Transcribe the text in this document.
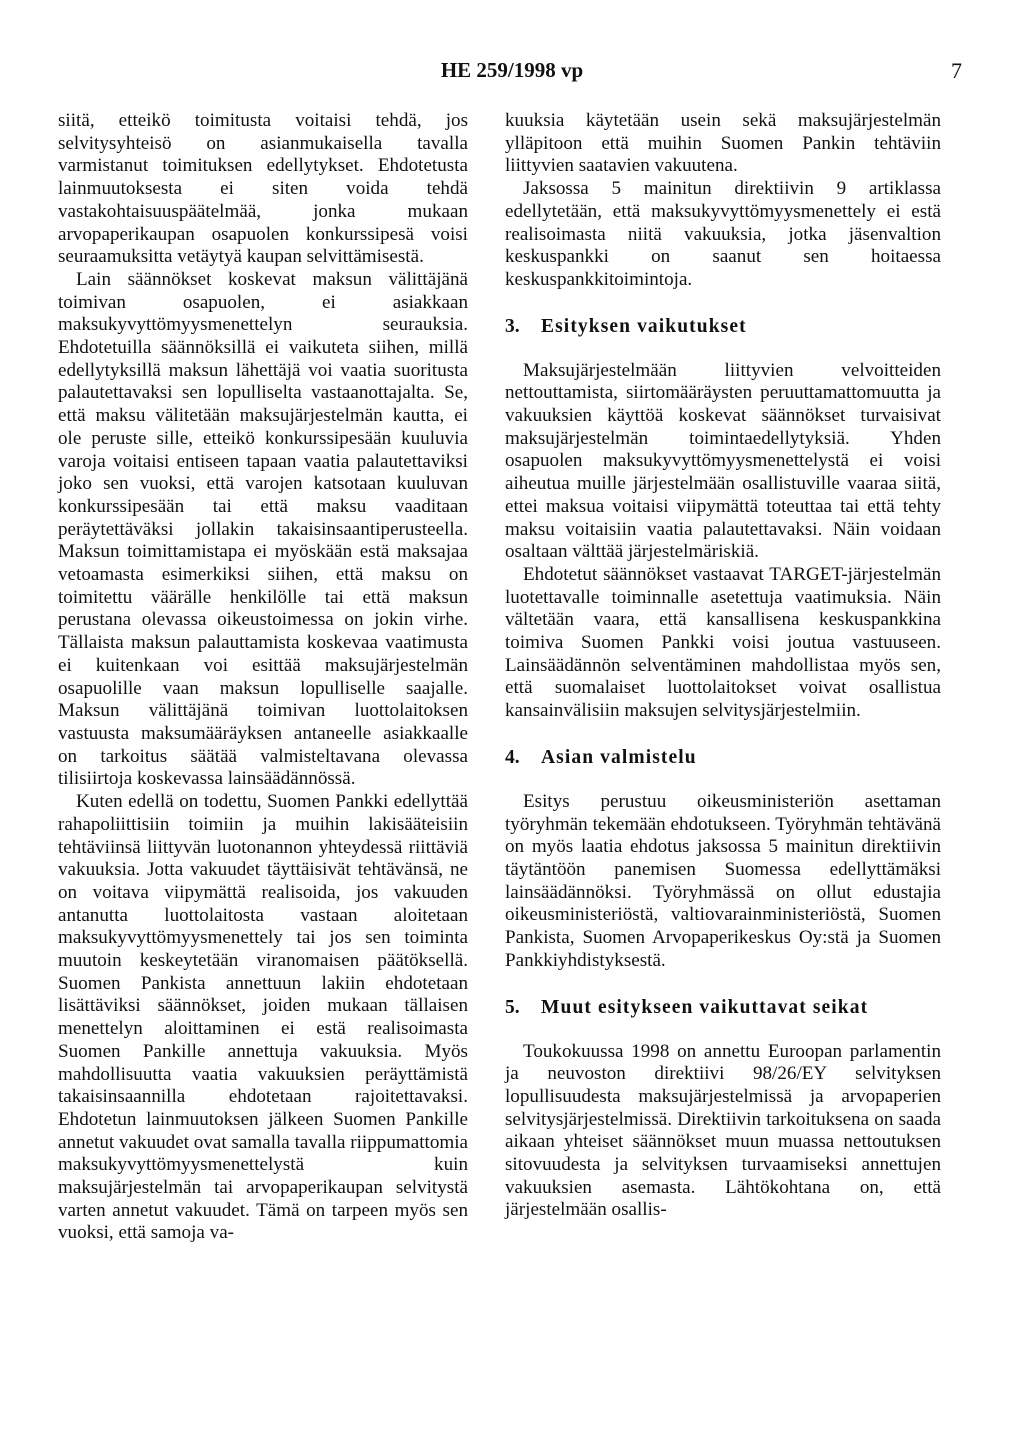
HE 259/1998 vp	7

siitä, etteikö toimitusta voitaisi tehdä, jos selvitysyhteisö on asianmukaisella tavalla varmistanut toimituksen edellytykset. Ehdotetusta lainmuutoksesta ei siten voida tehdä vastakohtaisuuspäätelmää, jonka mukaan arvopaperikaupan osapuolen konkurssipesä voisi seuraamuksitta vetäytyä kaupan selvittämisestä.

Lain säännökset koskevat maksun välittäjänä toimivan osapuolen, ei asiakkaan maksukyvyttömyysmenettelyn seurauksia. Ehdotetuilla säännöksillä ei vaikuteta siihen, millä edellytyksillä maksun lähettäjä voi vaatia suoritusta palautettavaksi sen lopulliselta vastaanottajalta. Se, että maksu välitetään maksujärjestelmän kautta, ei ole peruste sille, etteikö konkurssipesään kuuluvia varoja voitaisi entiseen tapaan vaatia palautettaviksi joko sen vuoksi, että varojen katsotaan kuuluvan konkurssipesään tai että maksu vaaditaan peräytettäväksi jollakin takaisinsaantiperusteella. Maksun toimittamistapa ei myöskään estä maksajaa vetoamasta esimerkiksi siihen, että maksu on toimitettu väärälle henkilölle tai että maksun perustana olevassa oikeustoimessa on jokin virhe. Tällaista maksun palauttamista koskevaa vaatimusta ei kuitenkaan voi esittää maksujärjestelmän osapuolille vaan maksun lopulliselle saajalle. Maksun välittäjänä toimivan luottolaitoksen vastuusta maksumääräyksen antaneelle asiakkaalle on tarkoitus säätää valmisteltavana olevassa tilisiirtoja koskevassa lainsäädännössä.

Kuten edellä on todettu, Suomen Pankki edellyttää rahapoliittisiin toimiin ja muihin lakisääteisiin tehtäviinsä liittyvän luotonannon yhteydessä riittäviä vakuuksia. Jotta vakuudet täyttäisivät tehtävänsä, ne on voitava viipymättä realisoida, jos vakuuden antanutta luottolaitosta vastaan aloitetaan maksukyvyttömyysmenettely tai jos sen toiminta muutoin keskeytetään viranomaisen päätöksellä. Suomen Pankista annettuun lakiin ehdotetaan lisättäviksi säännökset, joiden mukaan tällaisen menettelyn aloittaminen ei estä realisoimasta Suomen Pankille annettuja vakuuksia. Myös mahdollisuutta vaatia vakuuksien peräyttämistä takaisinsaannilla ehdotetaan rajoitettavaksi. Ehdotetun lainmuutoksen jälkeen Suomen Pankille annetut vakuudet ovat samalla tavalla riippumattomia maksukyvyttömyysmenettelystä kuin maksujärjestelmän tai arvopaperikaupan selvitystä varten annetut vakuudet. Tämä on tarpeen myös sen vuoksi, että samoja va-

kuuksia käytetään usein sekä maksujärjestelmän ylläpitoon että muihin Suomen Pankin tehtäviin liittyvien saatavien vakuutena.

Jaksossa 5 mainitun direktiivin 9 artiklassa edellytetään, että maksukyvyttömyysmenettely ei estä realisoimasta niitä vakuuksia, jotka jäsenvaltion keskuspankki on saanut sen hoitaessa keskuspankkitoimintoja.

3. Esityksen vaikutukset

Maksujärjestelmään liittyvien velvoitteiden nettouttamista, siirtomääräysten peruuttamattomuutta ja vakuuksien käyttöä koskevat säännökset turvaisivat maksujärjestelmän toimintaedellytyksiä. Yhden osapuolen maksukyvyttömyysmenettelystä ei voisi aiheutua muille järjestelmään osallistuville vaaraa siitä, ettei maksua voitaisi viipymättä toteuttaa tai että tehty maksu voitaisiin vaatia palautettavaksi. Näin voidaan osaltaan välttää järjestelmäriskiä.

Ehdotetut säännökset vastaavat TARGET-järjestelmän luotettavalle toiminnalle asetettuja vaatimuksia. Näin vältetään vaara, että kansallisena keskuspankkina toimiva Suomen Pankki voisi joutua vastuuseen. Lainsäädännön selventäminen mahdollistaa myös sen, että suomalaiset luottolaitokset voivat osallistua kansainvälisiin maksujen selvitysjärjestelmiin.

4. Asian valmistelu

Esitys perustuu oikeusministeriön asettaman työryhmän tekemään ehdotukseen. Työryhmän tehtävänä on myös laatia ehdotus jaksossa 5 mainitun direktiivin täytäntöön panemisen Suomessa edellyttämäksi lainsäädännöksi. Työryhmässä on ollut edustajia oikeusministeriöstä, valtiovarainministeriöstä, Suomen Pankista, Suomen Arvopaperikeskus Oy:stä ja Suomen Pankkiyhdistyksestä.

5. Muut esitykseen vaikuttavat seikat

Toukokuussa 1998 on annettu Euroopan parlamentin ja neuvoston direktiivi 98/26/EY selvityksen lopullisuudesta maksujärjestelmissä ja arvopaperien selvitysjärjestelmissä. Direktiivin tarkoituksena on saada aikaan yhteiset säännökset muun muassa nettoutuksen sitovuudesta ja selvityksen turvaamiseksi annettujen vakuuksien asemasta. Lähtökohtana on, että järjestelmään osallis-
